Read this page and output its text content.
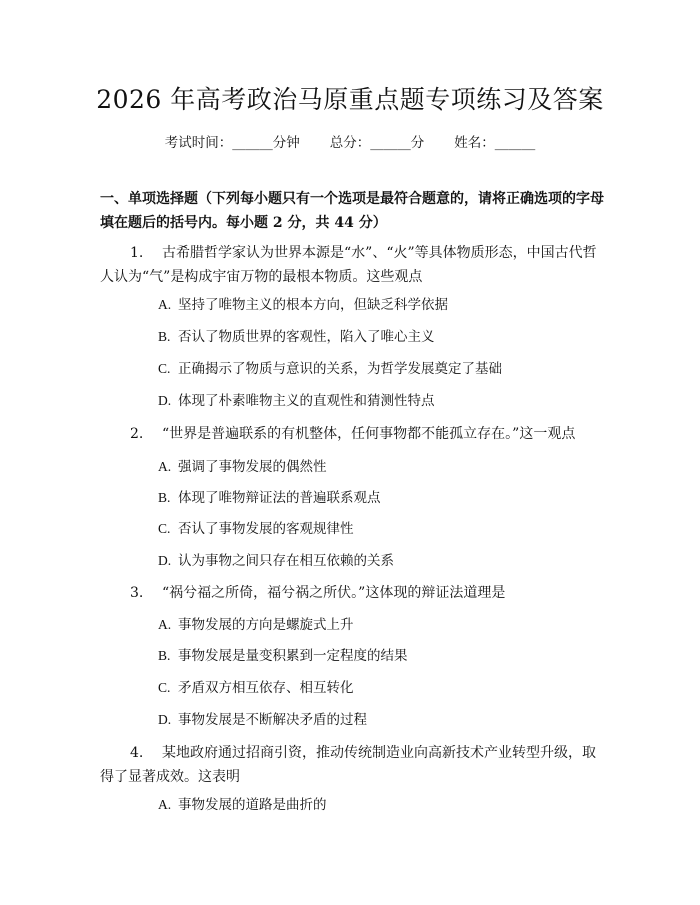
2026 年高考政治马原重点题专项练习及答案
考试时间：______分钟 总分：______分 姓名：______
一、单项选择题（下列每小题只有一个选项是最符合题意的，请将正确选项的字母填在题后的括号内。每小题 2 分，共 44 分）
1. 古希腊哲学家认为世界本源是“水”、“火”等具体物质形态，中国古代哲人认为“气”是构成宇宙万物的最根本物质。这些观点
A. 坚持了唯物主义的根本方向，但缺乏科学依据
B. 否认了物质世界的客观性，陷入了唯心主义
C. 正确揭示了物质与意识的关系，为哲学发展奠定了基础
D. 体现了朴素唯物主义的直观性和猜测性特点
2. “世界是普遍联系的有机整体，任何事物都不能孤立存在。”这一观点
A. 强调了事物发展的偶然性
B. 体现了唯物辩证法的普遍联系观点
C. 否认了事物发展的客观规律性
D. 认为事物之间只存在相互依赖的关系
3. “祸兮福之所倚，福兮祸之所伏。”这体现的辩证法道理是
A. 事物发展的方向是螺旋式上升
B. 事物发展是量变积累到一定程度的结果
C. 矛盾双方相互依存、相互转化
D. 事物发展是不断解决矛盾的过程
4. 某地政府通过招商引资，推动传统制造业向高新技术产业转型升级，取得了显著成效。这表明
A. 事物发展的道路是曲折的
